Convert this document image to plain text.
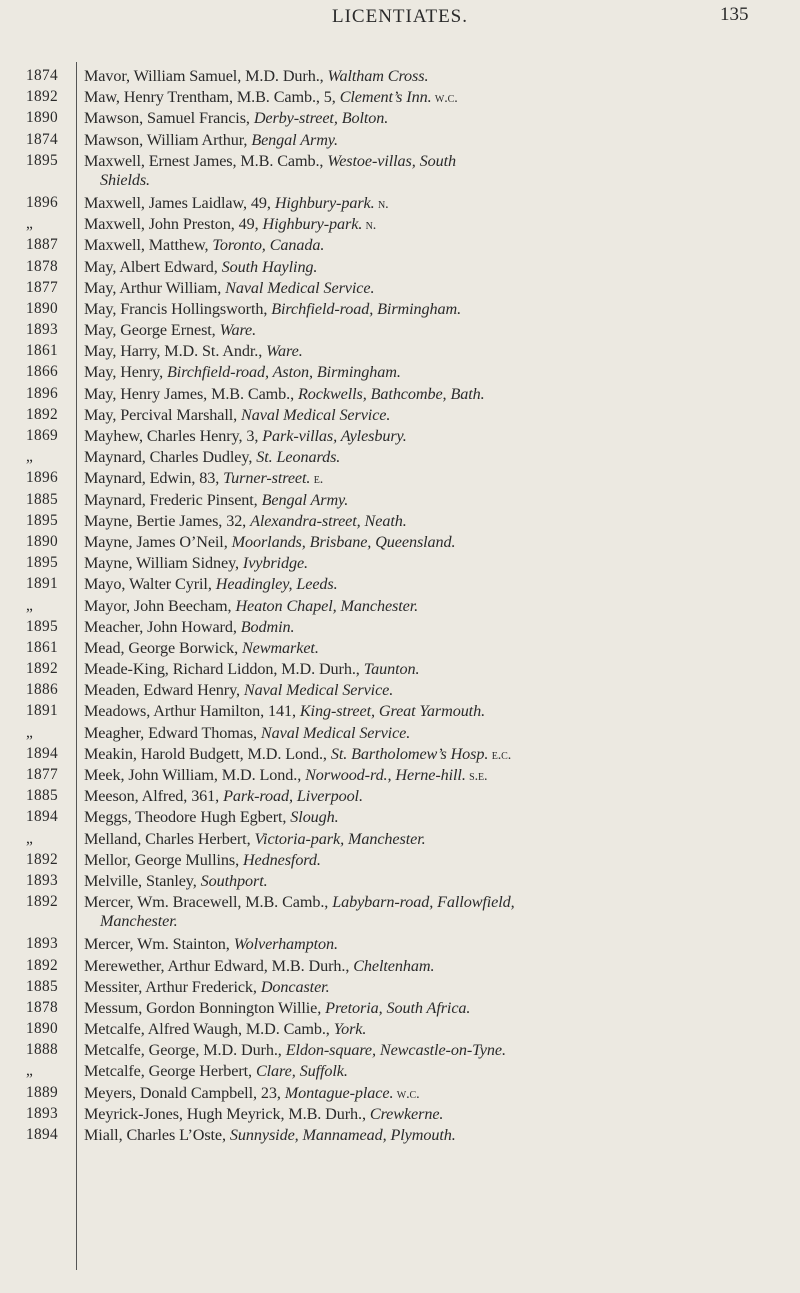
LICENTIATES.	135
1874	Mavor, William Samuel, M.D. Durh., Waltham Cross.
1892	Maw, Henry Trentham, M.B. Camb., 5, Clement’s Inn. w.c.
1890	Mawson, Samuel Francis, Derby-street, Bolton.
1874	Mawson, William Arthur, Bengal Army.
1895	Maxwell, Ernest James, M.B. Camb., Westoe-villas, South
Shields.
1896	Maxwell, James Laidlaw, 49, Highbury-park. n.
„	Maxwell, John Preston, 49, Highbury-park. n.
1887	Maxwell, Matthew, Toronto, Canada.
1878	May, Albert Edward, South Hayling.
1877	May, Arthur William, Naval Medical Service.
1890	May, Francis Hollingsworth, Birchfield-road, Birmingham.
1893	May, George Ernest, Ware.
1861	May, Harry, M.D. St. Andr., Ware.
1866	May, Henry, Birchfield-road, Aston, Birmingham.
1896	May, Henry James, M.B. Camb., Rockwells, Bathcombe, Bath.
1892	May, Percival Marshall, Naval Medical Service.
1869	Mayhew, Charles Henry, 3, Park-villas, Aylesbury.
„	Maynard, Charles Dudley, St. Leonards.
1896	Maynard, Edwin, 83, Turner-street. e.
1885	Maynard, Frederic Pinsent, Bengal Army.
1895	Mayne, Bertie James, 32, Alexandra-street, Neath.
1890	Mayne, James O’Neil, Moorlands, Brisbane, Queensland.
1895	Mayne, William Sidney, Ivybridge.
1891	Mayo, Walter Cyril, Headingley, Leeds.
„	Mayor, John Beecham, Heaton Chapel, Manchester.
1895	Meacher, John Howard, Bodmin.
1861	Mead, George Borwick, Newmarket.
1892	Meade-King, Richard Liddon, M.D. Durh., Taunton.
1886	Meaden, Edward Henry, Naval Medical Service.
1891	Meadows, Arthur Hamilton, 141, King-street, Great Yarmouth.
„	Meagher, Edward Thomas, Naval Medical Service.
1894	Meakin, Harold Budgett, M.D. Lond., St. Bartholomew’s Hosp. e.c.
1877	Meek, John William, M.D. Lond., Norwood-rd., Herne-hill. s.e.
1885	Meeson, Alfred, 361, Park-road, Liverpool.
1894	Meggs, Theodore Hugh Egbert, Slough.
„	Melland, Charles Herbert, Victoria-park, Manchester.
1892	Mellor, George Mullins, Hednesford.
1893	Melville, Stanley, Southport.
1892	Mercer, Wm. Bracewell, M.B. Camb., Labybarn-road, Fallowfield,
Manchester.
1893	Mercer, Wm. Stainton, Wolverhampton.
1892	Merewether, Arthur Edward, M.B. Durh., Cheltenham.
1885	Messiter, Arthur Frederick, Doncaster.
1878	Messum, Gordon Bonnington Willie, Pretoria, South Africa.
1890	Metcalfe, Alfred Waugh, M.D. Camb., York.
1888	Metcalfe, George, M.D. Durh., Eldon-square, Newcastle-on-Tyne.
„	Metcalfe, George Herbert, Clare, Suffolk.
1889	Meyers, Donald Campbell, 23, Montague-place. w.c.
1893	Meyrick-Jones, Hugh Meyrick, M.B. Durh., Crewkerne.
1894	Miall, Charles L’Oste, Sunnyside, Mannamead, Plymouth.
